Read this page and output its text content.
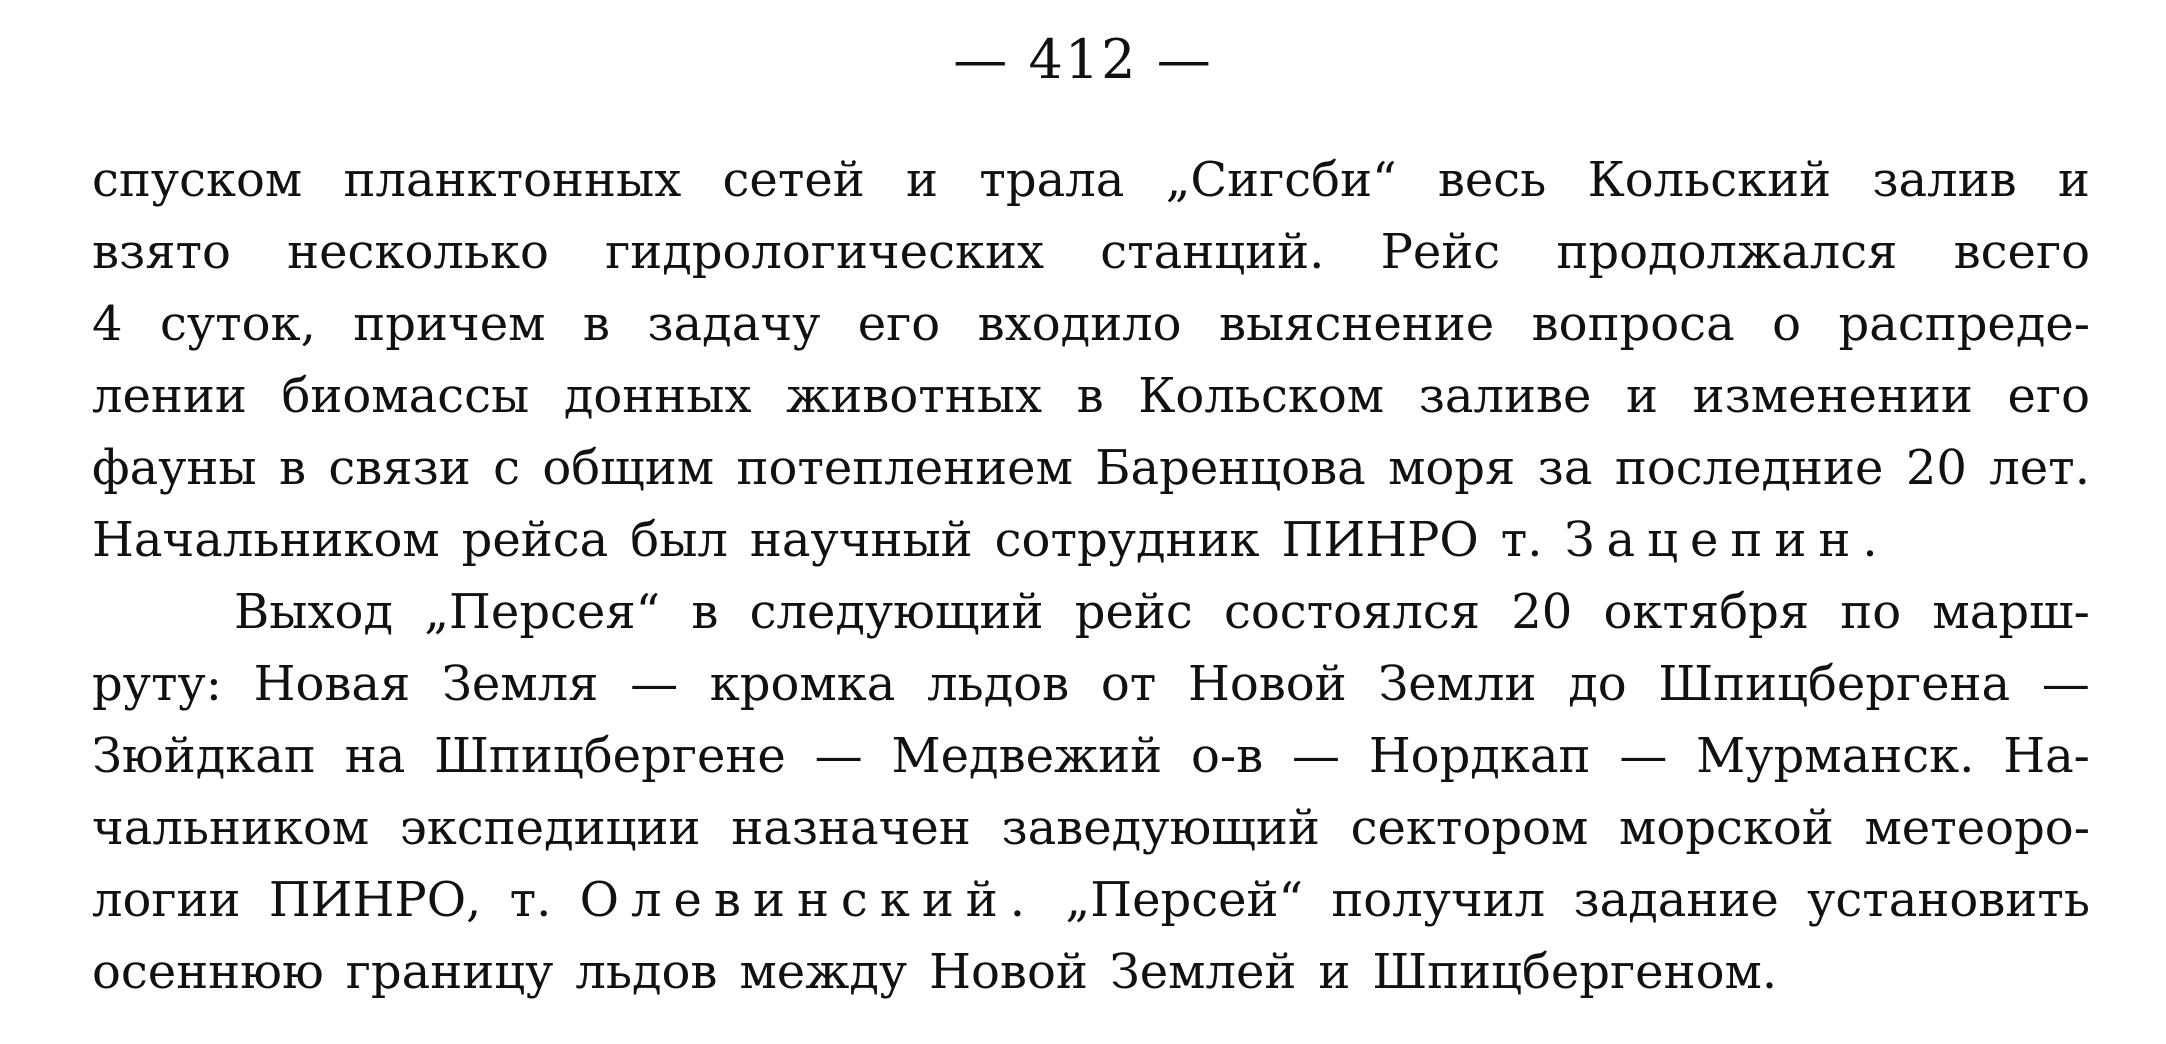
— 412 —
спуском планктонных сетей и трала „Сигсби“ весь Кольский залив и
взято несколько гидрологических станций. Рейс продолжался всего
4 суток, причем в задачу его входило выяснение вопроса о распреде-
лении биомассы донных животных в Кольском заливе и изменении его
фауны в связи с общим потеплением Баренцова моря за последние 20 лет.
Начальником рейса был научный сотрудник ПИНРО т. Зацепин.
Выход „Персея“ в следующий рейс состоялся 20 октября по марш-
руту: Новая Земля — кромка льдов от Новой Земли до Шпицбергена —
Зюйдкап на Шпицбергене — Медвежий о-в — Нордкап — Мурманск. На-
чальником экспедиции назначен заведующий сектором морской метеоро-
логии ПИНРО, т. Олевинский. „Персей“ получил задание установить
осеннюю границу льдов между Новой Землей и Шпицбергеном.
